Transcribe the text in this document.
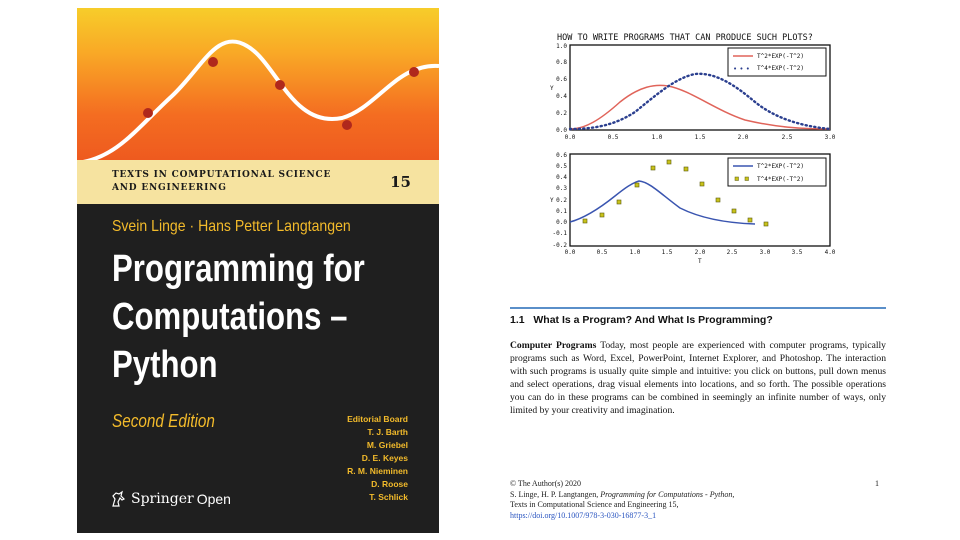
TEXTS IN COMPUTATIONAL SCIENCE
AND ENGINEERING	15
Svein Linge · Hans Petter Langtangen
Programming for
Computations –
Python
Second Edition	Editorial Board
T. J. Barth
M. Griebel
D. E. Keyes
R. M. Nieminen
D. Roose
T. Schlick
Springer Open
HOW TO WRITE PROGRAMS THAT CAN PRODUCE SUCH PLOTS?
1.0
0.8
0.6
0.4
0.2
0.0
0.0	0.5	1.0	1.5	2.0	2.5	3.0
Y
T^2*EXP(-T^2)
• • • T^4*EXP(-T^2)
0.6
0.5
0.4
0.3
0.2
0.1
0.0
-0.1
-0.2
0.0	0.5	1.0	1.5	2.0	2.5	3.0	3.5	4.0
Y
T
T^2*EXP(-T^2)
T^4*EXP(-T^2)
1.1 What Is a Program? And What Is Programming?
Computer Programs Today, most people are experienced with computer programs, typically programs such as Word, Excel, PowerPoint, Internet Explorer, and Photoshop. The interaction with such programs is usually quite simple and intuitive: you click on buttons, pull down menus and select operations, drag visual elements into locations, and so forth. The possible operations you can do in these programs can be combined in seemingly an infinite number of ways, only limited by your creativity and imagination.
© The Author(s) 2020
S. Linge, H. P. Langtangen, Programming for Computations - Python,
Texts in Computational Science and Engineering 15,
https://doi.org/10.1007/978-3-030-16877-3_1
1
